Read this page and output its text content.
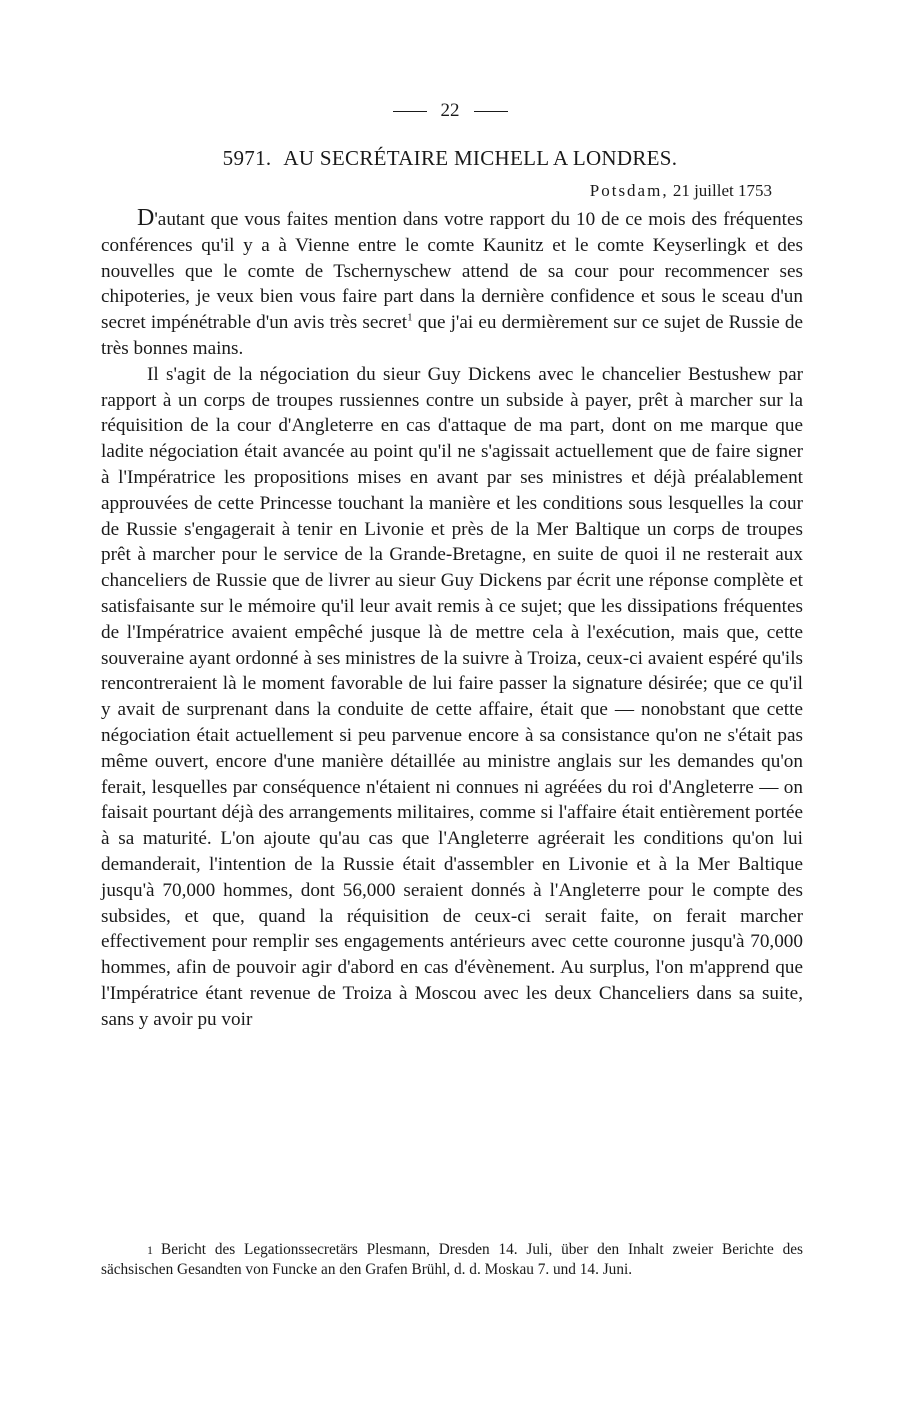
22
5971. AU SECRÉTAIRE MICHELL A LONDRES.
Potsdam, 21 juillet 1753

D'autant que vous faites mention dans votre rapport du 10 de ce mois des fréquentes conférences qu'il y a à Vienne entre le comte Kaunitz et le comte Keyserlingk et des nouvelles que le comte de Tschernyschew attend de sa cour pour recommencer ses chipoteries, je veux bien vous faire part dans la dernière confidence et sous le sceau d'un secret impénétrable d'un avis très secret$^1$ que j'ai eu dermièrement sur ce sujet de Russie de très bonnes mains.

Il s'agit de la négociation du sieur Guy Dickens avec le chancelier Bestushew par rapport à un corps de troupes russiennes contre un subside à payer, prêt à marcher sur la réquisition de la cour d'Angleterre en cas d'attaque de ma part, dont on me marque que ladite négociation était avancée au point qu'il ne s'agissait actuellement que de faire signer à l'Impératrice les propositions mises en avant par ses ministres et déjà préalablement approuvées de cette Princesse touchant la manière et les conditions sous lesquelles la cour de Russie s'engagerait à tenir en Livonie et près de la Mer Baltique un corps de troupes prêt à marcher pour le service de la Grande-Bretagne, en suite de quoi il ne resterait aux chanceliers de Russie que de livrer au sieur Guy Dickens par écrit une réponse complète et satisfaisante sur le mémoire qu'il leur avait remis à ce sujet; que les dissipations fréquentes de l'Impératrice avaient empêché jusque là de mettre cela à l'exécution, mais que, cette souveraine ayant ordonné à ses ministres de la suivre à Troiza, ceux-ci avaient espéré qu'ils rencontreraient là le moment favorable de lui faire passer la signature désirée; que ce qu'il y avait de surprenant dans la conduite de cette affaire, était que — nonobstant que cette négociation était actuellement si peu parvenue encore à sa consistance qu'on ne s'était pas même ouvert, encore d'une manière détaillée au ministre anglais sur les demandes qu'on ferait, lesquelles par conséquence n'étaient ni connues ni agréées du roi d'Angleterre — on faisait pourtant déjà des arrangements militaires, comme si l'affaire était entièrement portée à sa maturité. L'on ajoute qu'au cas que l'Angleterre agréerait les conditions qu'on lui demanderait, l'intention de la Russie était d'assembler en Livonie et à la Mer Baltique jusqu'à 70,000 hommes, dont 56,000 seraient donnés à l'Angleterre pour le compte des subsides, et que, quand la réquisition de ceux-ci serait faite, on ferait marcher effectivement pour remplir ses engagements antérieurs avec cette couronne jusqu'à 70,000 hommes, afin de pouvoir agir d'abord en cas d'évènement. Au surplus, l'on m'apprend que l'Impératrice étant revenue de Troiza à Moscou avec les deux Chanceliers dans sa suite, sans y avoir pu voir

1 Bericht des Legationssecretärs Plesmann, Dresden 14. Juli, über den Inhalt zweier Berichte des sächsischen Gesandten von Funcke an den Grafen Brühl, d. d. Moskau 7. und 14. Juni.
